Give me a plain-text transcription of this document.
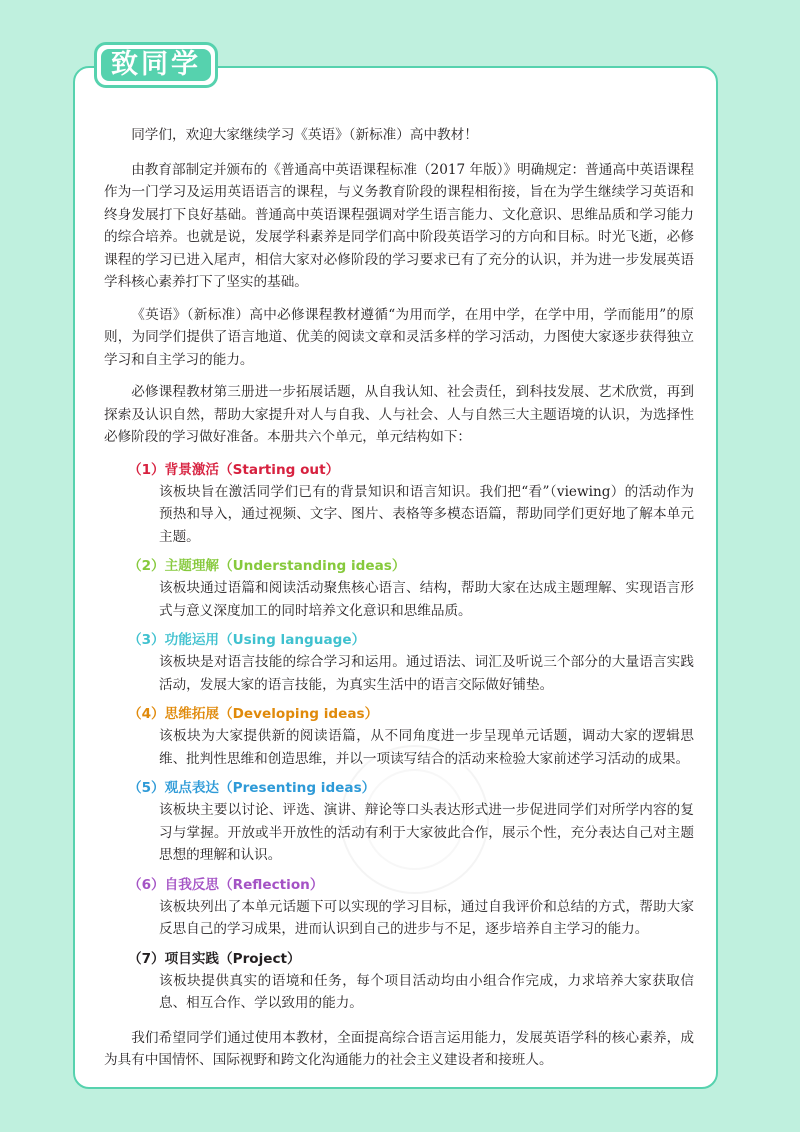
致同学

同学们，欢迎大家继续学习《英语》（新标准）高中教材！

由教育部制定并颁布的《普通高中英语课程标准（2017 年版）》明确规定：普通高中英语课程作为一门学习及运用英语语言的课程，与义务教育阶段的课程相衔接，旨在为学生继续学习英语和终身发展打下良好基础。普通高中英语课程强调对学生语言能力、文化意识、思维品质和学习能力的综合培养。也就是说，发展学科素养是同学们高中阶段英语学习的方向和目标。时光飞逝，必修课程的学习已进入尾声，相信大家对必修阶段的学习要求已有了充分的认识，并为进一步发展英语学科核心素养打下了坚实的基础。

《英语》（新标准）高中必修课程教材遵循“为用而学，在用中学，在学中用，学而能用”的原则，为同学们提供了语言地道、优美的阅读文章和灵活多样的学习活动，力图使大家逐步获得独立学习和自主学习的能力。

必修课程教材第三册进一步拓展话题，从自我认知、社会责任，到科技发展、艺术欣赏，再到探索及认识自然，帮助大家提升对人与自我、人与社会、人与自然三大主题语境的认识，为选择性必修阶段的学习做好准备。本册共六个单元，单元结构如下：

（1）背景激活（Starting out）
该板块旨在激活同学们已有的背景知识和语言知识。我们把“看”（viewing）的活动作为预热和导入，通过视频、文字、图片、表格等多模态语篇，帮助同学们更好地了解本单元主题。
（2）主题理解（Understanding ideas）
该板块通过语篇和阅读活动聚焦核心语言、结构，帮助大家在达成主题理解、实现语言形式与意义深度加工的同时培养文化意识和思维品质。
（3）功能运用（Using language）
该板块是对语言技能的综合学习和运用。通过语法、词汇及听说三个部分的大量语言实践活动，发展大家的语言技能，为真实生活中的语言交际做好铺垫。
（4）思维拓展（Developing ideas）
该板块为大家提供新的阅读语篇，从不同角度进一步呈现单元话题，调动大家的逻辑思维、批判性思维和创造思维，并以一项读写结合的活动来检验大家前述学习活动的成果。
（5）观点表达（Presenting ideas）
该板块主要以讨论、评选、演讲、辩论等口头表达形式进一步促进同学们对所学内容的复习与掌握。开放或半开放性的活动有利于大家彼此合作，展示个性，充分表达自己对主题思想的理解和认识。
（6）自我反思（Reflection）
该板块列出了本单元话题下可以实现的学习目标，通过自我评价和总结的方式，帮助大家反思自己的学习成果，进而认识到自己的进步与不足，逐步培养自主学习的能力。
（7）项目实践（Project）
该板块提供真实的语境和任务，每个项目活动均由小组合作完成，力求培养大家获取信息、相互合作、学以致用的能力。

我们希望同学们通过使用本教材，全面提高综合语言运用能力，发展英语学科的核心素养，成为具有中国情怀、国际视野和跨文化沟通能力的社会主义建设者和接班人。
